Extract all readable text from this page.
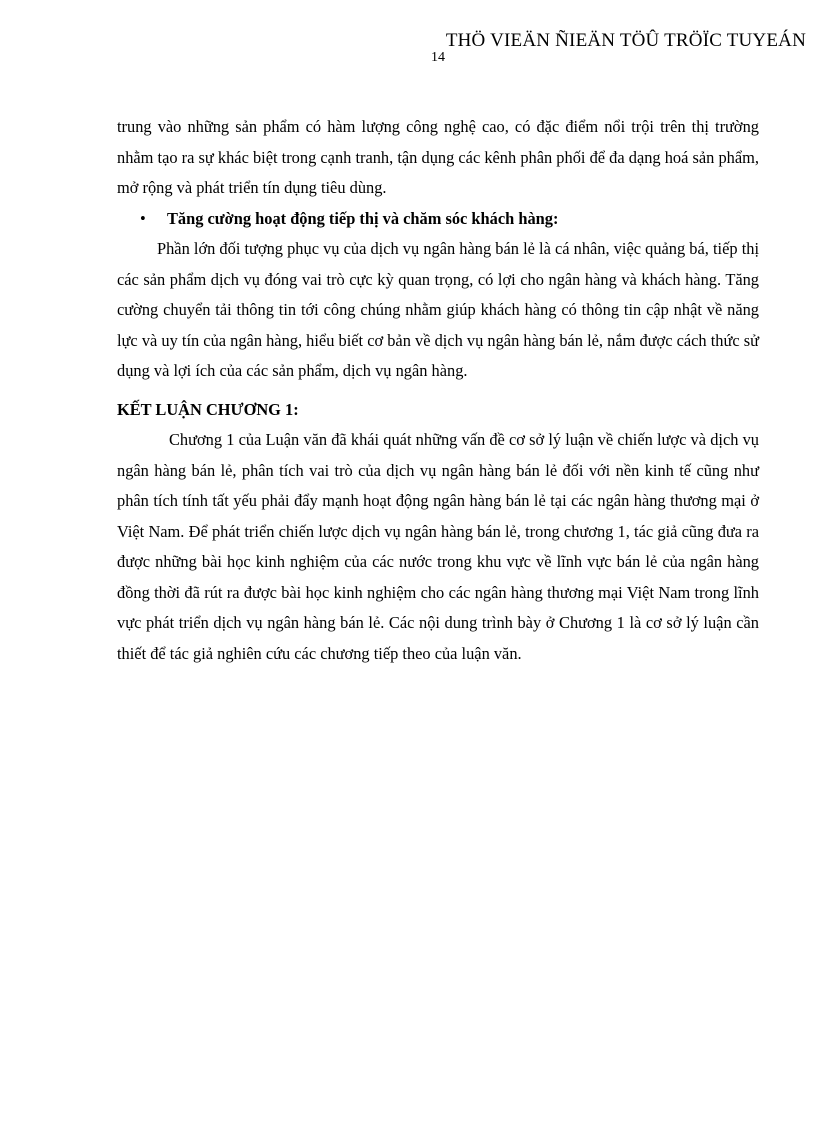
THÖ VIEÄN ÑIEÄN TÖÛ TRÖÏC TUYEÁN
14

trung vào những sản phẩm có hàm lượng công nghệ cao, có đặc điểm nổi trội trên thị trường nhằm tạo ra sự khác biệt trong cạnh tranh, tận dụng các kênh phân phối để đa dạng hoá sản phẩm, mở rộng và phát triển tín dụng tiêu dùng.

• Tăng cường hoạt động tiếp thị và chăm sóc khách hàng:

Phần lớn đối tượng phục vụ của dịch vụ ngân hàng bán lẻ là cá nhân, việc quảng bá, tiếp thị các sản phẩm dịch vụ đóng vai trò cực kỳ quan trọng, có lợi cho ngân hàng và khách hàng. Tăng cường chuyển tải thông tin tới công chúng nhằm giúp khách hàng có thông tin cập nhật về năng lực và uy tín của ngân hàng, hiểu biết cơ bản về dịch vụ ngân hàng bán lẻ, nắm được cách thức sử dụng và lợi ích của các sản phẩm, dịch vụ ngân hàng.

KẾT LUẬN CHƯƠNG 1:

Chương 1 của Luận văn đã khái quát những vấn đề cơ sở lý luận về chiến lược và dịch vụ ngân hàng bán lẻ, phân tích vai trò của dịch vụ ngân hàng bán lẻ đối với nền kinh tế cũng như phân tích tính tất yếu phải đẩy mạnh hoạt động ngân hàng bán lẻ tại các ngân hàng thương mại ở Việt Nam. Để phát triển chiến lược dịch vụ ngân hàng bán lẻ, trong chương 1, tác giả cũng đưa ra được những bài học kinh nghiệm của các nước trong khu vực về lĩnh vực bán lẻ của ngân hàng đồng thời đã rút ra được bài học kinh nghiệm cho các ngân hàng thương mại Việt Nam trong lĩnh vực phát triển dịch vụ ngân hàng bán lẻ. Các nội dung trình bày ở Chương 1 là cơ sở lý luận cần thiết để tác giả nghiên cứu các chương tiếp theo của luận văn.
